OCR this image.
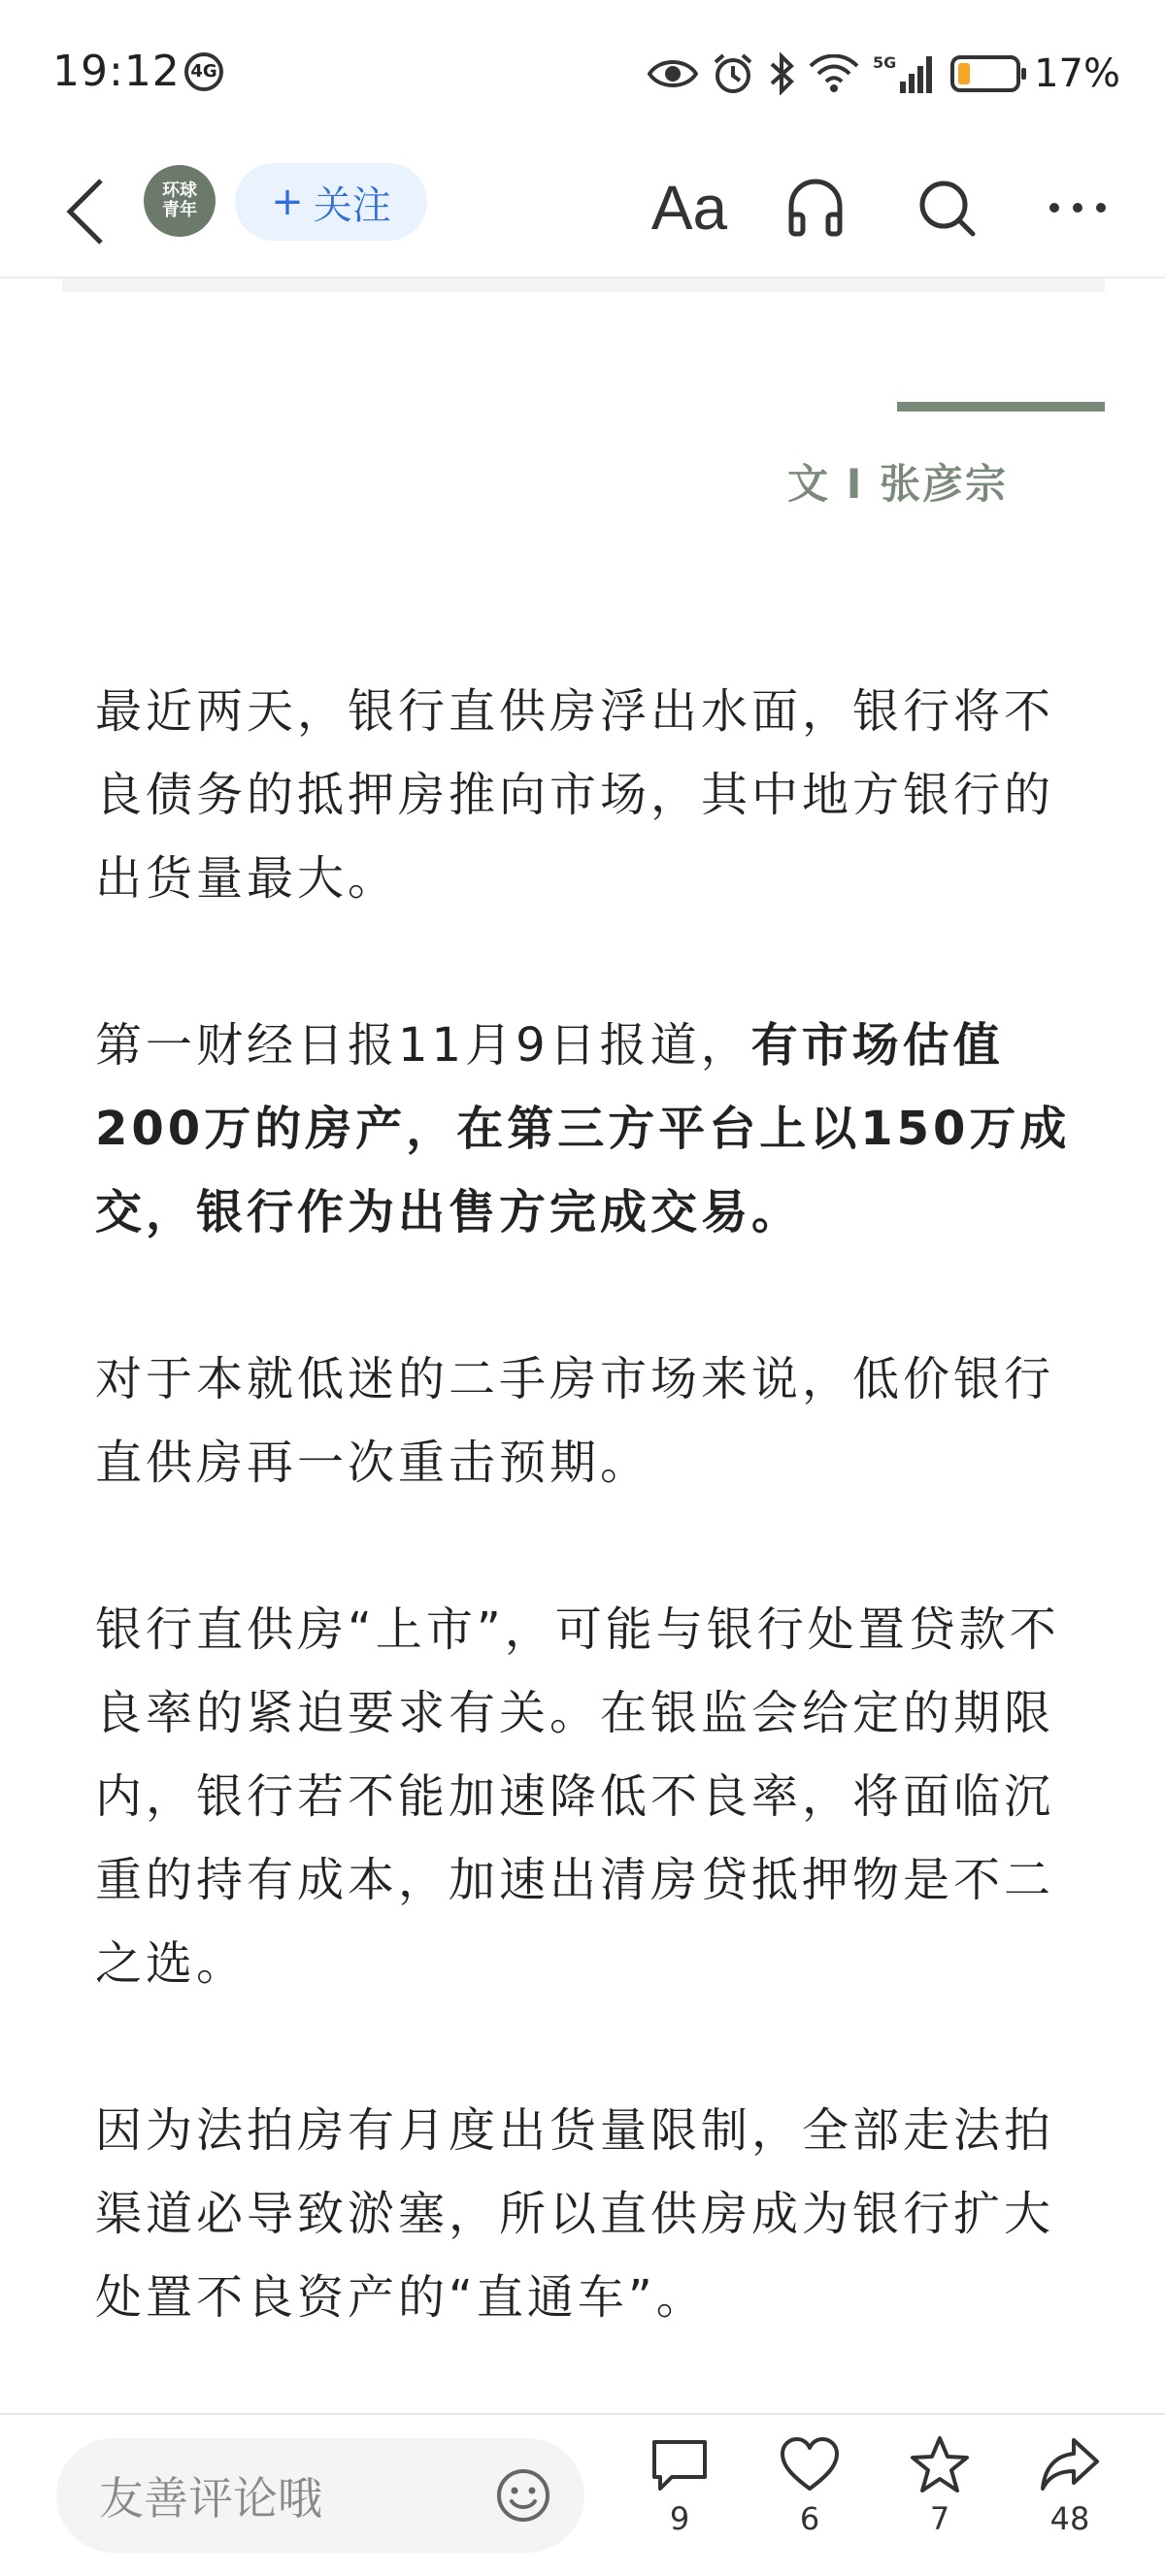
19:12 4G	5G	17%
环球
青年 + 关注	Aa
文 I 张彦宗

最近两天，银行直供房浮出水面，银行将不良债务的抵押房推向市场，其中地方银行的出货量最大。

第一财经日报11月9日报道，有市场估值200万的房产，在第三方平台上以150万成交，银行作为出售方完成交易。

对于本就低迷的二手房市场来说，低价银行直供房再一次重击预期。

银行直供房“上市”，可能与银行处置贷款不良率的紧迫要求有关。在银监会给定的期限内，银行若不能加速降低不良率，将面临沉重的持有成本，加速出清房贷抵押物是不二之选。

因为法拍房有月度出货量限制，全部走法拍渠道必导致淤塞，所以直供房成为银行扩大处置不良资产的“直通车”。

友善评论哦	9	6	7	48
